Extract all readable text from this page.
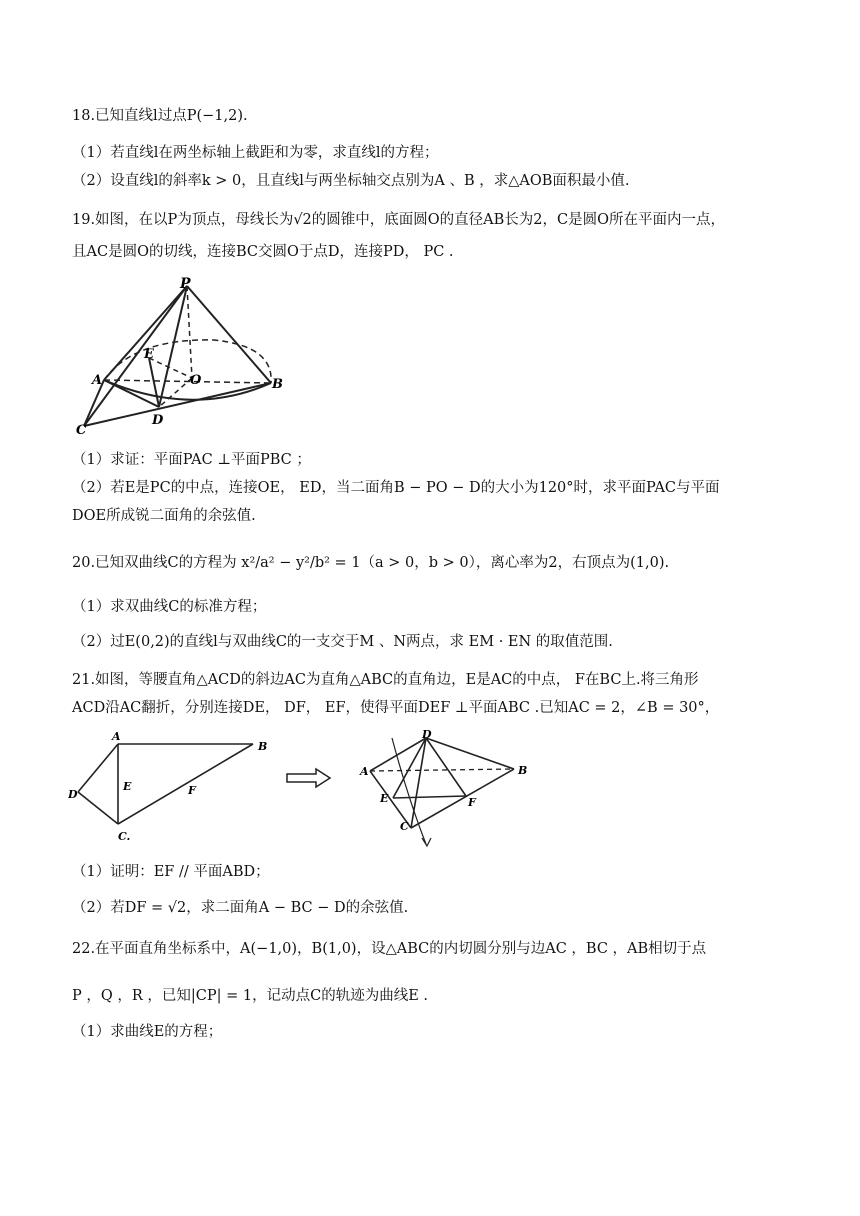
18.已知直线l过点P(−1,2).
（1）若直线l在两坐标轴上截距和为零，求直线l的方程；
（2）设直线l的斜率k > 0，且直线l与两坐标轴交点别为A 、B ，求△AOB面积最小值.
19.如图，在以P为顶点，母线长为√2的圆锥中，底面圆O的直径AB长为2，C是圆O所在平面内一点，
且AC是圆O的切线，连接BC交圆O于点D，连接PD， PC .
P
E
A	O	B
C
D
（1）求证：平面PAC ⊥平面PBC ；
（2）若E是PC的中点，连接OE， ED，当二面角B − PO − D的大小为120°时，求平面PAC与平面
DOE所成锐二面角的余弦值.
20.已知双曲线C的方程为 x²/a² − y²/b² = 1（a > 0，b > 0），离心率为2，右顶点为(1,0).
（1）求双曲线C的标准方程；
（2）过E(0,2)的直线l与双曲线C的一支交于M 、N两点，求 EM · EN 的取值范围.
21.如图，等腰直角△ACD的斜边AC为直角△ABC的直角边，E是AC的中点， F在BC上.将三角形
ACD沿AC翻折，分别连接DE， DF， EF，使得平面DEF ⊥平面ABC .已知AC = 2，∠B = 30°，
A
B
D
E	F
C.
D
A	B
E	F
C
（1）证明：EF // 平面ABD；
（2）若DF = √2，求二面角A − BC − D的余弦值.
22.在平面直角坐标系中，A(−1,0)，B(1,0)，设△ABC的内切圆分别与边AC ，BC ，AB相切于点
P ，Q ，R ，已知|CP| = 1，记动点C的轨迹为曲线E .
（1）求曲线E的方程；
